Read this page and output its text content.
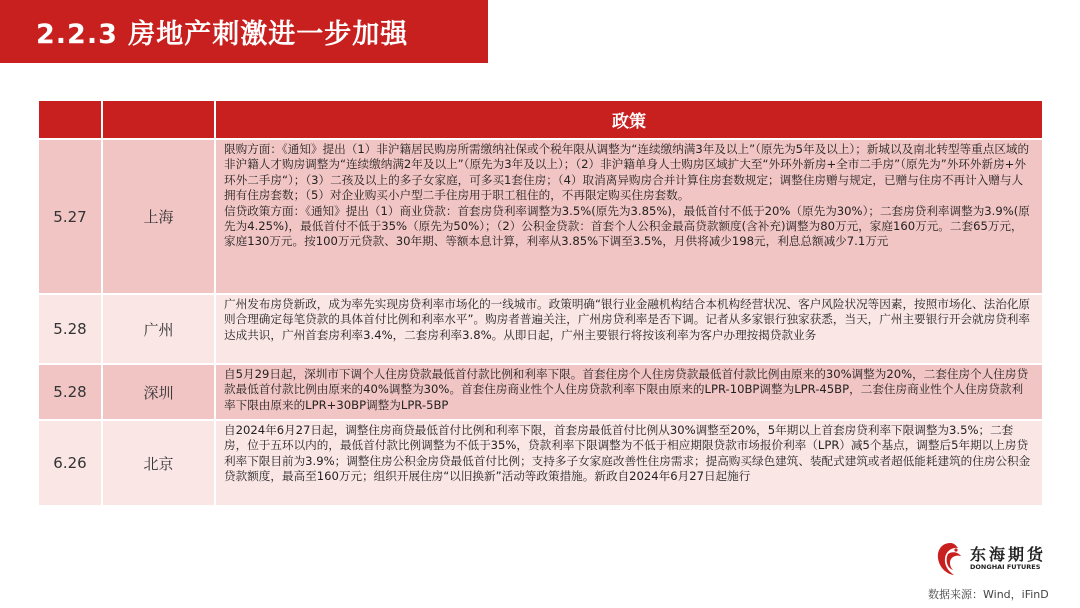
2.2.3 房地产刺激进一步加强
		政策
5.27	上海	限购方面：《通知》提出（1）非沪籍居民购房所需缴纳社保或个税年限从调整为“连续缴纳满3年及以上”（原先为5年及以上）；新城以及南北转型等重点区域的非沪籍人才购房调整为“连续缴纳满2年及以上”（原先为3年及以上）；（2）非沪籍单身人士购房区域扩大至“外环外新房+全市二手房”（原先为”外环外新房+外环外二手房“）；（3）二孩及以上的多子女家庭，可多买1套住房；（4）取消离异购房合并计算住房套数规定；调整住房赠与规定，已赠与住房不再计入赠与人拥有住房套数；（5）对企业购买小户型二手住房用于职工租住的，不再限定购买住房套数。
信贷政策方面：《通知》提出（1）商业贷款：首套房贷利率调整为3.5%(原先为3.85%)，最低首付不低于20%（原先为30%）；二套房贷利率调整为3.9%(原先为4.25%)，最低首付不低于35%（原先为50%）；（2）公积金贷款：首套个人公积金最高贷款额度(含补充)调整为80万元，家庭160万元。二套65万元，家庭130万元。按100万元贷款、30年期、等额本息计算，利率从3.85%下调至3.5%，月供将减少198元，利息总额减少7.1万元

5.28	广州	广州发布房贷新政，成为率先实现房贷利率市场化的一线城市。政策明确“银行业金融机构结合本机构经营状况、客户风险状况等因素，按照市场化、法治化原则合理确定每笔贷款的具体首付比例和利率水平”。购房者普遍关注，广州房贷利率是否下调。记者从多家银行独家获悉，当天，广州主要银行开会就房贷利率达成共识，广州首套房利率3.4%，二套房利率3.8%。从即日起，广州主要银行将按该利率为客户办理按揭贷款业务

5.28	深圳	自5月29日起，深圳市下调个人住房贷款最低首付款比例和利率下限。首套住房个人住房贷款最低首付款比例由原来的30%调整为20%，二套住房个人住房贷款最低首付款比例由原来的40%调整为30%。首套住房商业性个人住房贷款利率下限由原来的LPR-10BP调整为LPR-45BP，二套住房商业性个人住房贷款利率下限由原来的LPR+30BP调整为LPR-5BP

6.26	北京	自2024年6月27日起，调整住房商贷最低首付比例和利率下限，首套房最低首付比例从30%调整至20%，5年期以上首套房贷利率下限调整为3.5%；二套房，位于五环以内的，最低首付款比例调整为不低于35%，贷款利率下限调整为不低于相应期限贷款市场报价利率（LPR）减5个基点，调整后5年期以上房贷利率下限目前为3.9%；调整住房公积金房贷最低首付比例；支持多子女家庭改善性住房需求；提高购买绿色建筑、装配式建筑或者超低能耗建筑的住房公积金贷款额度，最高至160万元；组织开展住房“以旧换新”活动等政策措施。新政自2024年6月27日起施行
东海期货
DONGHAI FUTURES
数据来源：Wind，iFinD
